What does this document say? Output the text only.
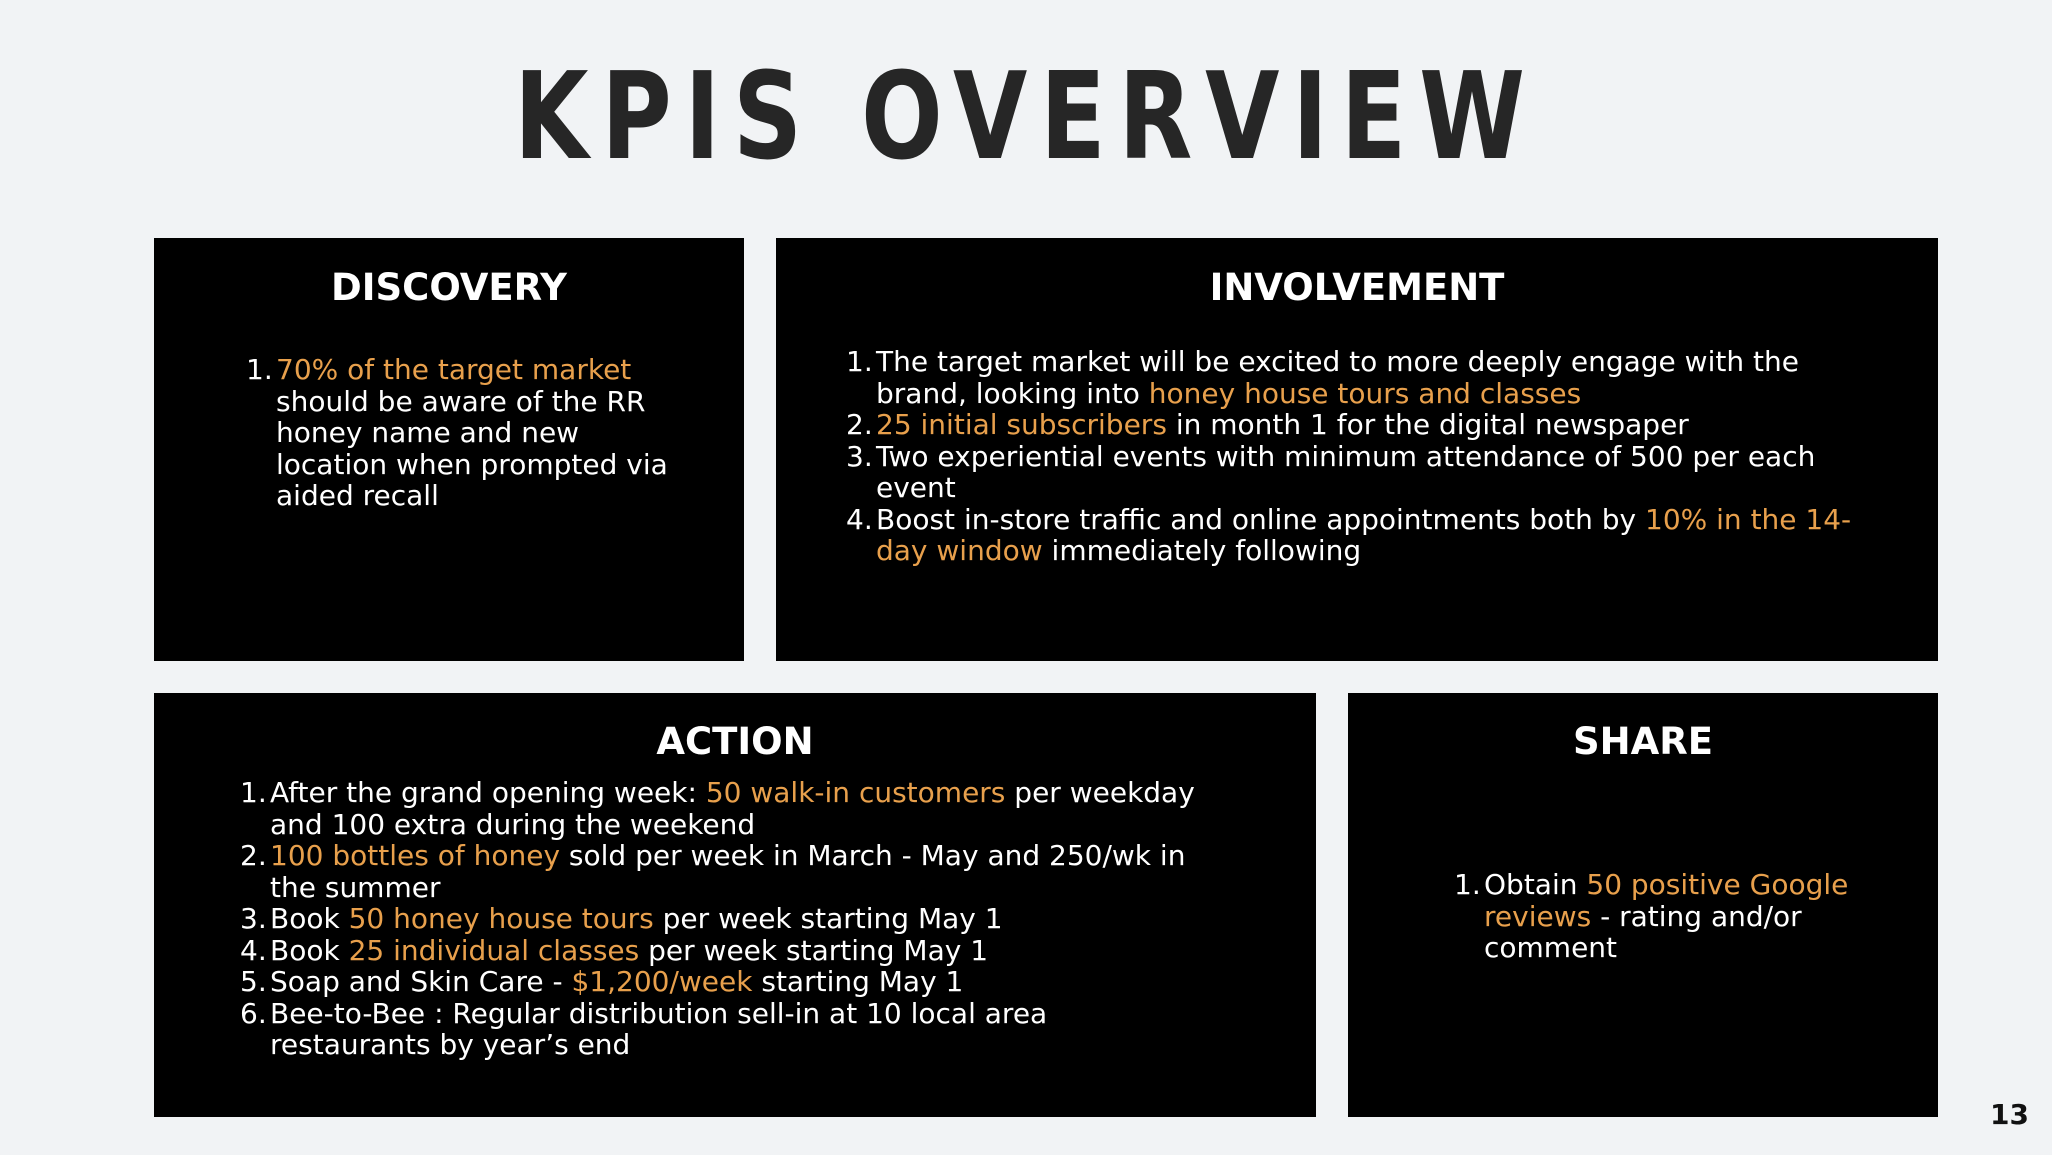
KPIS OVERVIEW
DISCOVERY
1. 70% of the target market should be aware of the RR honey name and new location when prompted via aided recall
INVOLVEMENT
1. The target market will be excited to more deeply engage with the brand, looking into honey house tours and classes
2. 25 initial subscribers in month 1 for the digital newspaper
3. Two experiential events with minimum attendance of 500 per each event
4. Boost in-store traffic and online appointments both by 10% in the 14-day window immediately following
ACTION
1. After the grand opening week: 50 walk-in customers per weekday and 100 extra during the weekend
2. 100 bottles of honey sold per week in March - May and 250/wk in the summer
3. Book 50 honey house tours per week starting May 1
4. Book 25 individual classes per week starting May 1
5. Soap and Skin Care - $1,200/week starting May 1
6. Bee-to-Bee : Regular distribution sell-in at 10 local area restaurants by year’s end
SHARE
1. Obtain 50 positive Google reviews - rating and/or comment

13
